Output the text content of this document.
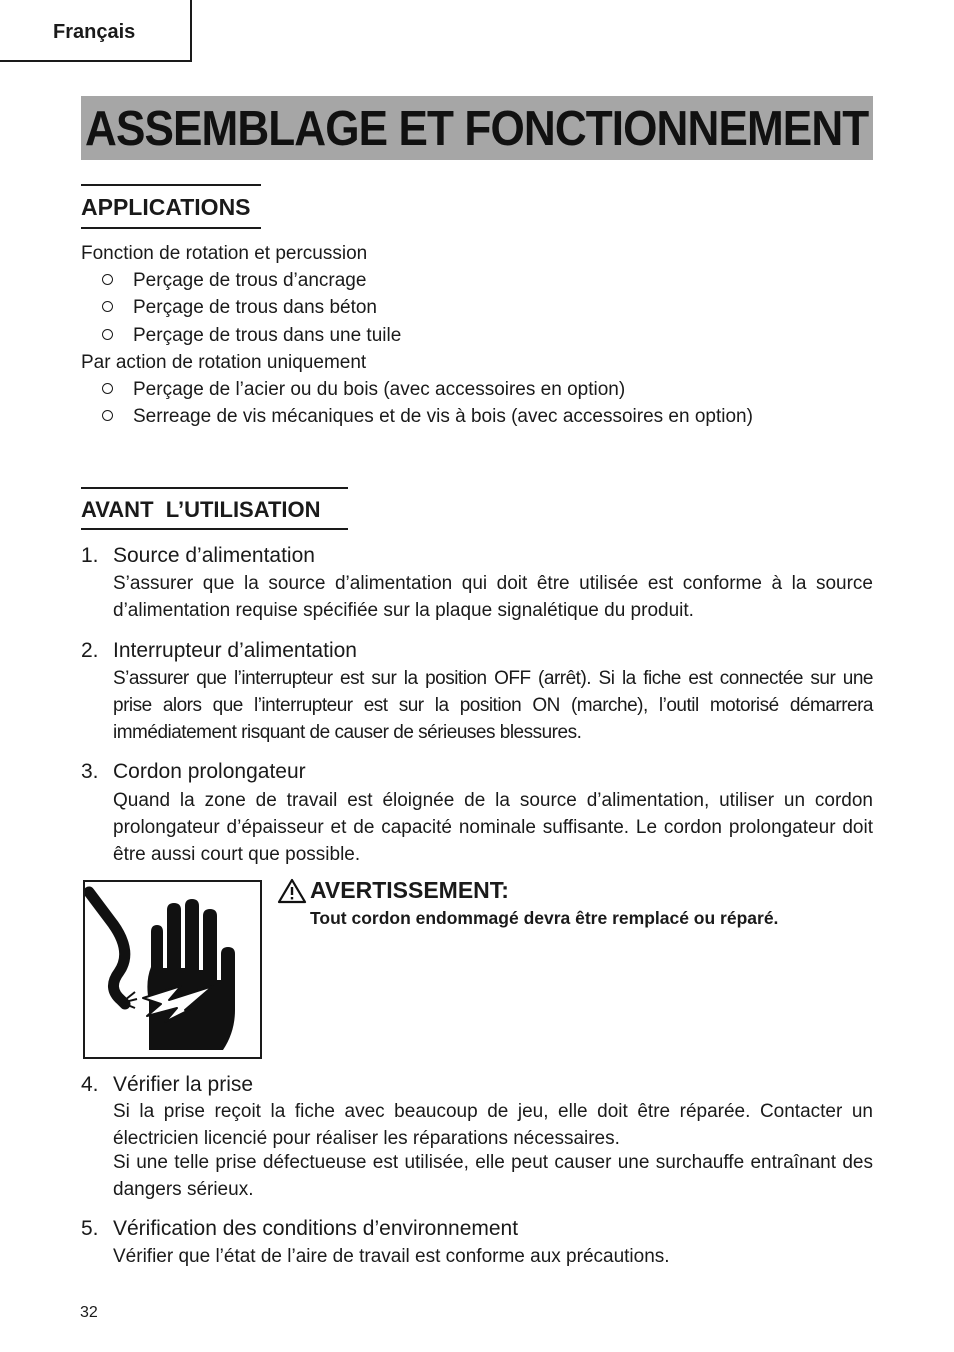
Français
ASSEMBLAGE ET FONCTIONNEMENT
APPLICATIONS
Fonction de rotation et percussion
Perçage de trous d’ancrage
Perçage de trous dans béton
Perçage de trous dans une tuile
Par action de rotation uniquement
Perçage de l’acier ou du bois (avec accessoires en option)
Serreage de vis mécaniques et de vis à bois (avec accessoires en option)
AVANT  L’UTILISATION
1. Source d’alimentation
S’assurer que la source d’alimentation qui doit être utilisée est conforme à la source d’alimentation requise spécifiée sur la plaque signalétique du produit.
2. Interrupteur d’alimentation
S’assurer que l’interrupteur est sur la position OFF (arrêt). Si la fiche est connectée sur une prise alors que l’interrupteur est sur la position ON (marche), l’outil motorisé démarrera immédiatement risquant de causer de sérieuses blessures.
3. Cordon prolongateur
Quand la zone de travail est éloignée de la source d’alimentation, utiliser un cordon prolongateur d’épaisseur et de capacité nominale suffisante. Le cordon prolongateur doit être aussi court que possible.
AVERTISSEMENT:
Tout cordon endommagé devra être remplacé ou réparé.
4. Vérifier la prise
Si la prise reçoit la fiche avec beaucoup de jeu, elle doit être réparée. Contacter un électricien licencié pour réaliser les réparations nécessaires.
Si une telle prise défectueuse est utilisée, elle peut causer une surchauffe entraînant des dangers sérieux.
5. Vérification des conditions d’environnement
Vérifier que l’état de l’aire de travail est conforme aux précautions.
32
